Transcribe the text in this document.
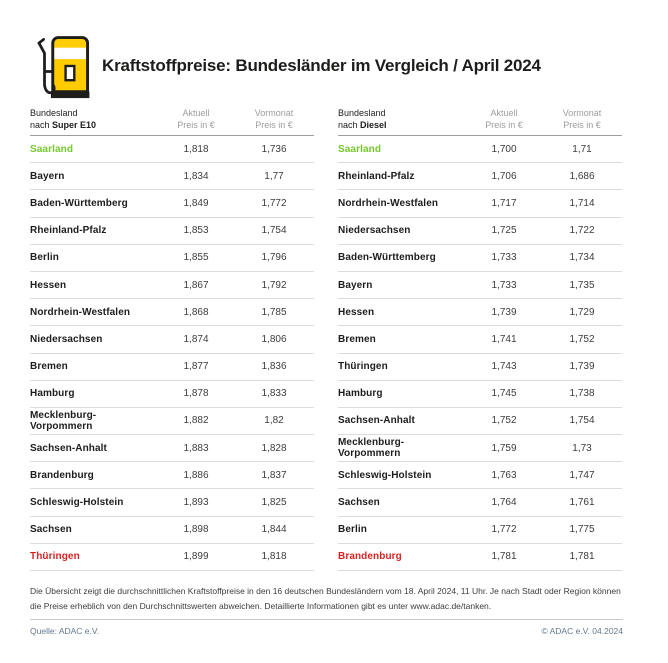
Kraftstoffpreise: Bundesländer im Vergleich / April 2024
Bundesland
nach Super E10
Aktuell
Preis in €
Vormonat
Preis in €
Saarland	1,818	1,736
Bayern	1,834	1,77
Baden-Württemberg	1,849	1,772
Rheinland-Pfalz	1,853	1,754
Berlin	1,855	1,796
Hessen	1,867	1,792
Nordrhein-Westfalen	1,868	1,785
Niedersachsen	1,874	1,806
Bremen	1,877	1,836
Hamburg	1,878	1,833
Mecklenburg-Vorpommern	1,882	1,82
Sachsen-Anhalt	1,883	1,828
Brandenburg	1,886	1,837
Schleswig-Holstein	1,893	1,825
Sachsen	1,898	1,844
Thüringen	1,899	1,818
Bundesland
nach Diesel
Aktuell
Preis in €
Vormonat
Preis in €
Saarland	1,700	1,71
Rheinland-Pfalz	1,706	1,686
Nordrhein-Westfalen	1,717	1,714
Niedersachsen	1,725	1,722
Baden-Württemberg	1,733	1,734
Bayern	1,733	1,735
Hessen	1,739	1,729
Bremen	1,741	1,752
Thüringen	1,743	1,739
Hamburg	1,745	1,738
Sachsen-Anhalt	1,752	1,754
Mecklenburg-Vorpommern	1,759	1,73
Schleswig-Holstein	1,763	1,747
Sachsen	1,764	1,761
Berlin	1,772	1,775
Brandenburg	1,781	1,781
Die Übersicht zeigt die durchschnittlichen Kraftstoffpreise in den 16 deutschen Bundesländern vom 18. April 2024, 11 Uhr. Je nach Stadt oder Region können die Preise erheblich von den Durchschnittswerten abweichen. Detaillierte Informationen gibt es unter www.adac.de/tanken.
Quelle: ADAC e.V.	© ADAC e.V. 04.2024
